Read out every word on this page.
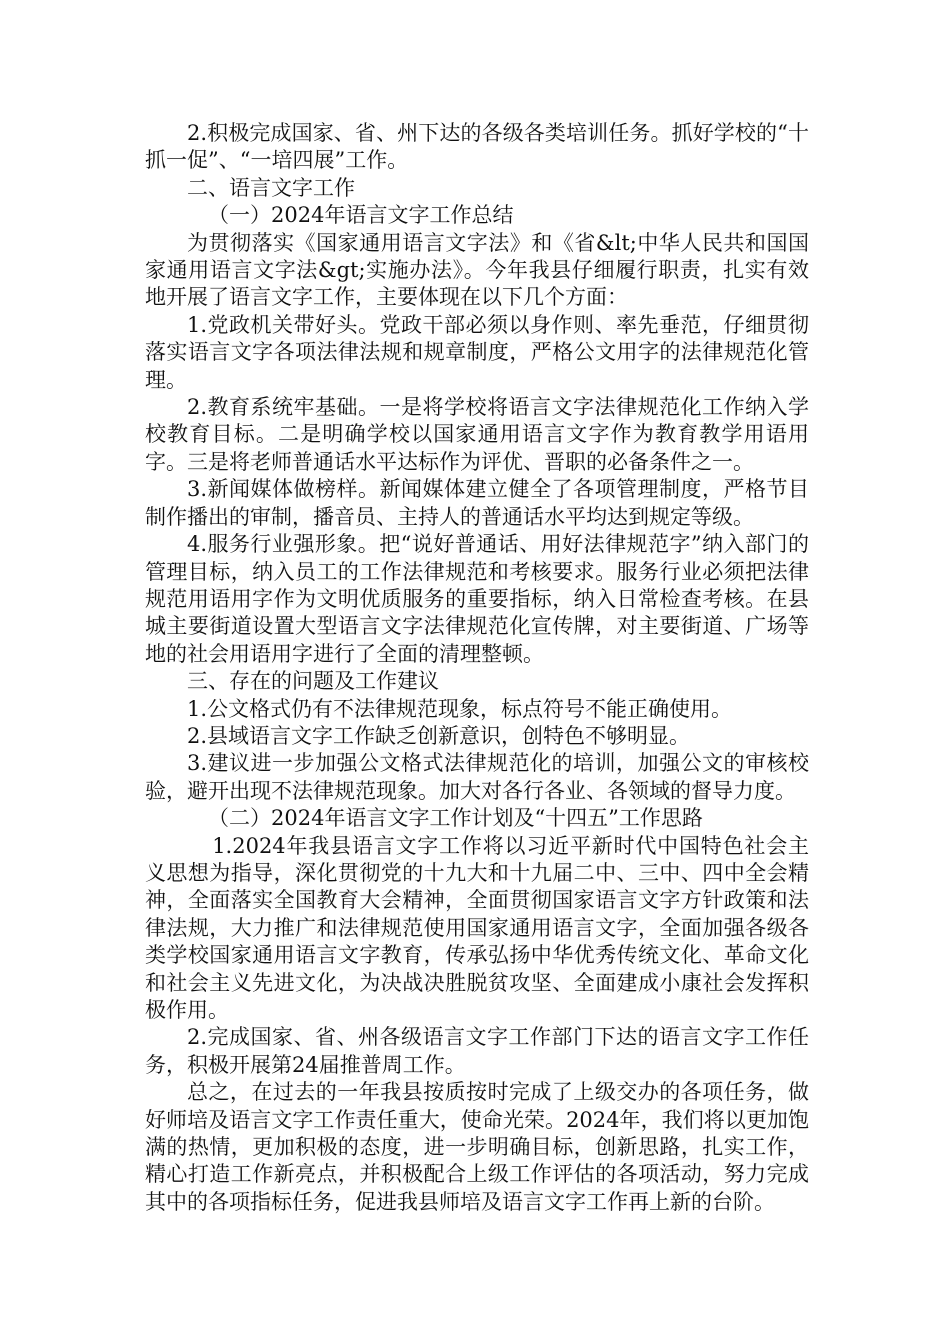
2.积极完成国家、省、州下达的各级各类培训任务。抓好学校的“十抓一促”、“一培四展”工作。

二、语言文字工作

（一）2024年语言文字工作总结

为贯彻落实《国家通用语言文字法》和《省&lt;中华人民共和国国家通用语言文字法&gt;实施办法》。今年我县仔细履行职责，扎实有效地开展了语言文字工作，主要体现在以下几个方面：

1.党政机关带好头。党政干部必须以身作则、率先垂范，仔细贯彻落实语言文字各项法律法规和规章制度，严格公文用字的法律规范化管理。

2.教育系统牢基础。一是将学校将语言文字法律规范化工作纳入学校教育目标。二是明确学校以国家通用语言文字作为教育教学用语用字。三是将老师普通话水平达标作为评优、晋职的必备条件之一。

3.新闻媒体做榜样。新闻媒体建立健全了各项管理制度，严格节目制作播出的审制，播音员、主持人的普通话水平均达到规定等级。

4.服务行业强形象。把“说好普通话、用好法律规范字”纳入部门的管理目标，纳入员工的工作法律规范和考核要求。服务行业必须把法律规范用语用字作为文明优质服务的重要指标，纳入日常检查考核。在县城主要街道设置大型语言文字法律规范化宣传牌，对主要街道、广场等地的社会用语用字进行了全面的清理整顿。

三、存在的问题及工作建议

1.公文格式仍有不法律规范现象，标点符号不能正确使用。

2.县域语言文字工作缺乏创新意识，创特色不够明显。

3.建议进一步加强公文格式法律规范化的培训，加强公文的审核校验，避开出现不法律规范现象。加大对各行各业、各领域的督导力度。

（二）2024年语言文字工作计划及“十四五”工作思路

1.2024年我县语言文字工作将以习近平新时代中国特色社会主义思想为指导，深化贯彻党的十九大和十九届二中、三中、四中全会精神，全面落实全国教育大会精神，全面贯彻国家语言文字方针政策和法律法规，大力推广和法律规范使用国家通用语言文字，全面加强各级各类学校国家通用语言文字教育，传承弘扬中华优秀传统文化、革命文化和社会主义先进文化，为决战决胜脱贫攻坚、全面建成小康社会发挥积极作用。

2.完成国家、省、州各级语言文字工作部门下达的语言文字工作任务，积极开展第24届推普周工作。

总之，在过去的一年我县按质按时完成了上级交办的各项任务，做好师培及语言文字工作责任重大，使命光荣。2024年，我们将以更加饱满的热情，更加积极的态度，进一步明确目标，创新思路，扎实工作，精心打造工作新亮点，并积极配合上级工作评估的各项活动，努力完成其中的各项指标任务，促进我县师培及语言文字工作再上新的台阶。
